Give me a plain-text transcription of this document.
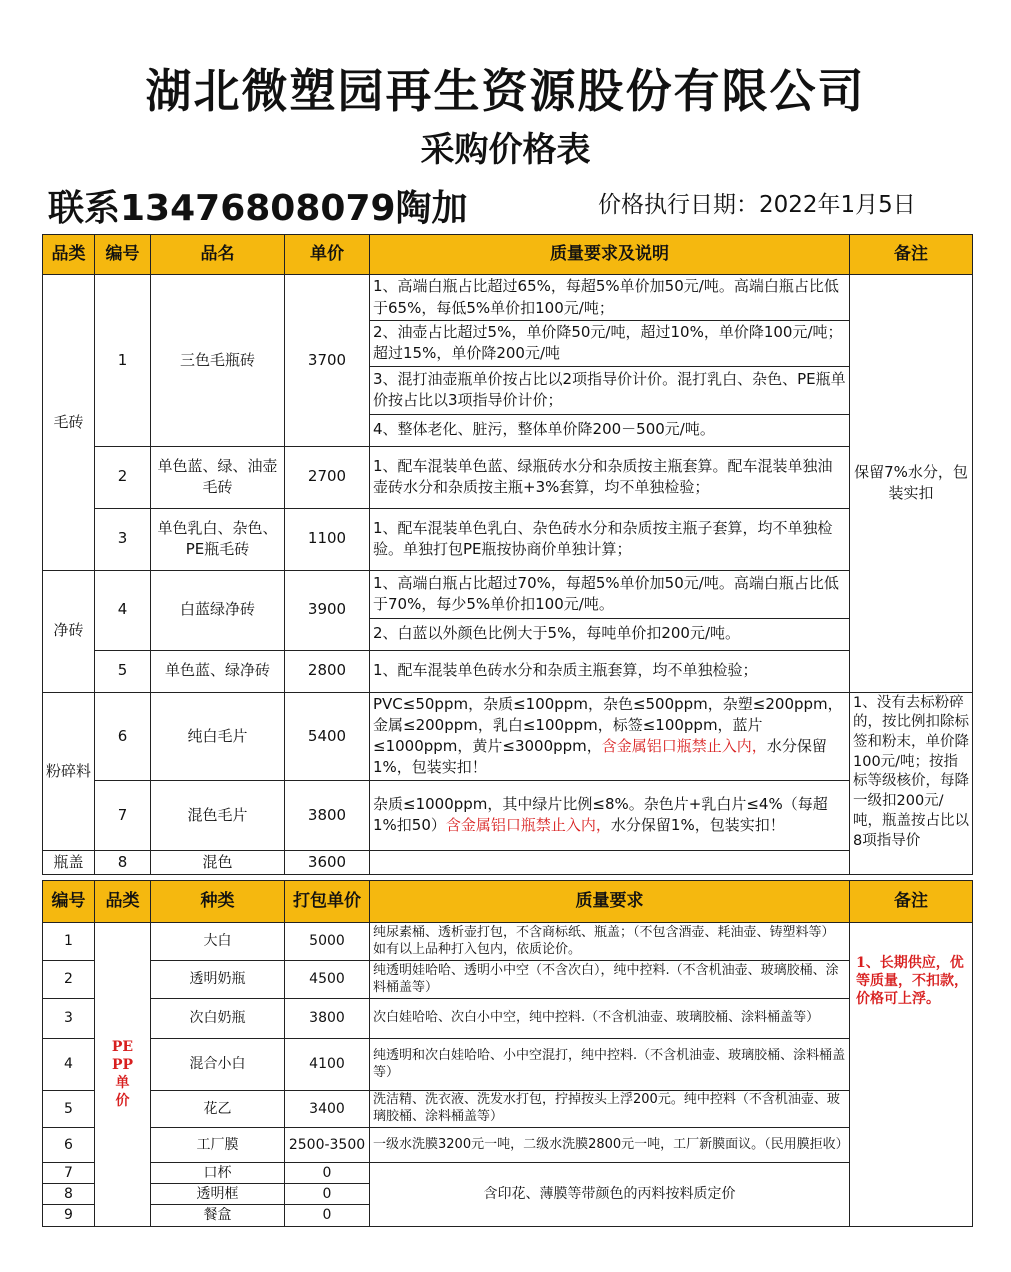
湖北微塑园再生资源股份有限公司
采购价格表
联系13476808079陶加	价格执行日期：2022年1月5日
品类	编号	品名	单价	质量要求及说明	备注
毛砖	1	三色毛瓶砖	3700	1、高端白瓶占比超过65%，每超5%单价加50元/吨。高端白瓶占比低于65%，每低5%单价扣100元/吨；	保留7%水分，包装实扣
				2、油壶占比超过5%，单价降50元/吨，超过10%，单价降100元/吨；超过15%，单价降200元/吨	
				3、混打油壶瓶单价按占比以2项指导价计价。混打乳白、杂色、PE瓶单价按占比以3项指导价计价；	
				4、整体老化、脏污，整体单价降200－500元/吨。	
	2	单色蓝、绿、油壶毛砖	2700	1、配车混装单色蓝、绿瓶砖水分和杂质按主瓶套算。配车混装单独油壶砖水分和杂质按主瓶+3%套算，均不单独检验；	
	3	单色乳白、杂色、PE瓶毛砖	1100	1、配车混装单色乳白、杂色砖水分和杂质按主瓶子套算，均不单独检验。单独打包PE瓶按协商价单独计算；	
净砖	4	白蓝绿净砖	3900	1、高端白瓶占比超过70%，每超5%单价加50元/吨。高端白瓶占比低于70%，每少5%单价扣100元/吨。	
				2、白蓝以外颜色比例大于5%，每吨单价扣200元/吨。	
	5	单色蓝、绿净砖	2800	1、配车混装单色砖水分和杂质主瓶套算，均不单独检验；	
粉碎料	6	纯白毛片	5400	PVC≤50ppm，杂质≤100ppm，杂色≤500ppm，杂塑≤200ppm，金属≤200ppm，乳白≤100ppm，标签≤100ppm，蓝片≤1000ppm，黄片≤3000ppm，含金属铝口瓶禁止入内，水分保留1%，包装实扣！	1、没有去标粉碎的，按比例扣除标签和粉末，单价降100元/吨；按指标等级核价，每降一级扣200元/吨，瓶盖按占比以8项指导价
	7	混色毛片	3800	杂质≤1000ppm，其中绿片比例≤8%。杂色片+乳白片≤4%（每超1%扣50）含金属铝口瓶禁止入内，水分保留1%，包装实扣！	
瓶盖	8	混色	3600		
编号	品类	种类	打包单价	质量要求	备注
1	PE
PP
单
价	大白	5000	纯尿素桶、透析壶打包，不含商标纸、瓶盖；（不包含酒壶、耗油壶、铸塑料等）如有以上品种打入包内，依质论价。	1、长期供应，优等质量，不扣款，价格可上浮。

2		透明奶瓶	4500	纯透明娃哈哈、透明小中空（不含次白），纯中控料.（不含机油壶、玻璃胶桶、涂料桶盖等）	
3		次白奶瓶	3800	次白娃哈哈、次白小中空，纯中控料.（不含机油壶、玻璃胶桶、涂料桶盖等）	
4		混合小白	4100	纯透明和次白娃哈哈、小中空混打，纯中控料.（不含机油壶、玻璃胶桶、涂料桶盖等）	
5		花乙	3400	洗洁精、洗衣液、洗发水打包，拧掉按头上浮200元。纯中控料（不含机油壶、玻璃胶桶、涂料桶盖等）	
6		工厂膜	2500-3500	一级水洗膜3200元一吨，二级水洗膜2800元一吨，工厂新膜面议。（民用膜拒收）	
7		口杯	0	含印花、薄膜等带颜色的丙料按料质定价	
8		透明框	0		
9		餐盒	0		
